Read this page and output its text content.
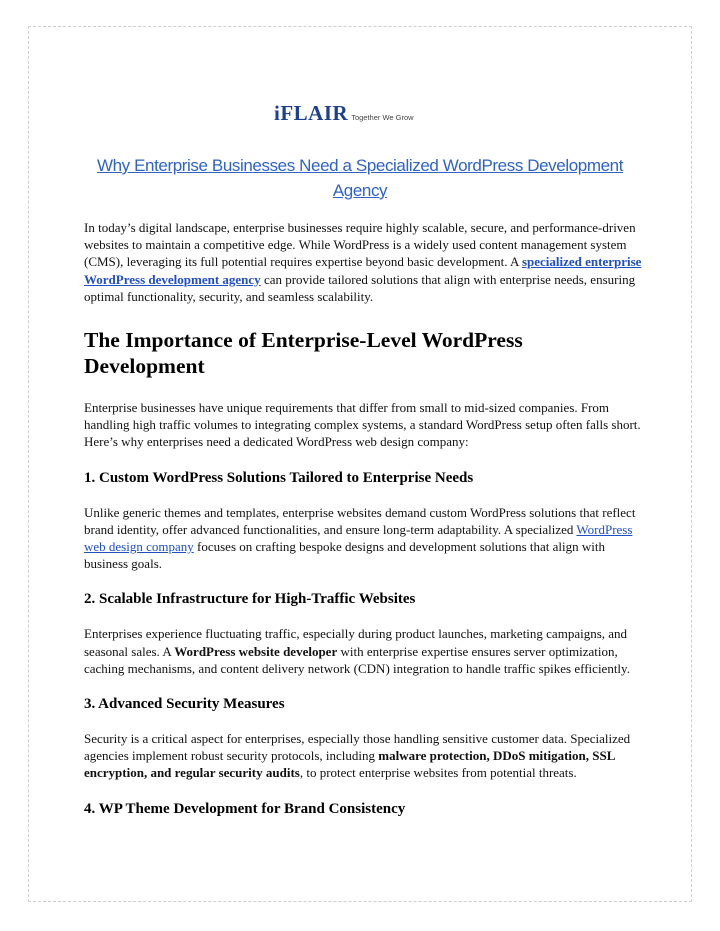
iFLAIR Together We Grow
Why Enterprise Businesses Need a Specialized WordPress Development Agency

In today’s digital landscape, enterprise businesses require highly scalable, secure, and performance-driven websites to maintain a competitive edge. While WordPress is a widely used content management system (CMS), leveraging its full potential requires expertise beyond basic development. A specialized enterprise WordPress development agency can provide tailored solutions that align with enterprise needs, ensuring optimal functionality, security, and seamless scalability.

The Importance of Enterprise-Level WordPress Development

Enterprise businesses have unique requirements that differ from small to mid-sized companies. From handling high traffic volumes to integrating complex systems, a standard WordPress setup often falls short. Here’s why enterprises need a dedicated WordPress web design company:

1. Custom WordPress Solutions Tailored to Enterprise Needs

Unlike generic themes and templates, enterprise websites demand custom WordPress solutions that reflect brand identity, offer advanced functionalities, and ensure long-term adaptability. A specialized WordPress web design company focuses on crafting bespoke designs and development solutions that align with business goals.

2. Scalable Infrastructure for High-Traffic Websites

Enterprises experience fluctuating traffic, especially during product launches, marketing campaigns, and seasonal sales. A WordPress website developer with enterprise expertise ensures server optimization, caching mechanisms, and content delivery network (CDN) integration to handle traffic spikes efficiently.

3. Advanced Security Measures

Security is a critical aspect for enterprises, especially those handling sensitive customer data. Specialized agencies implement robust security protocols, including malware protection, DDoS mitigation, SSL encryption, and regular security audits, to protect enterprise websites from potential threats.

4. WP Theme Development for Brand Consistency
